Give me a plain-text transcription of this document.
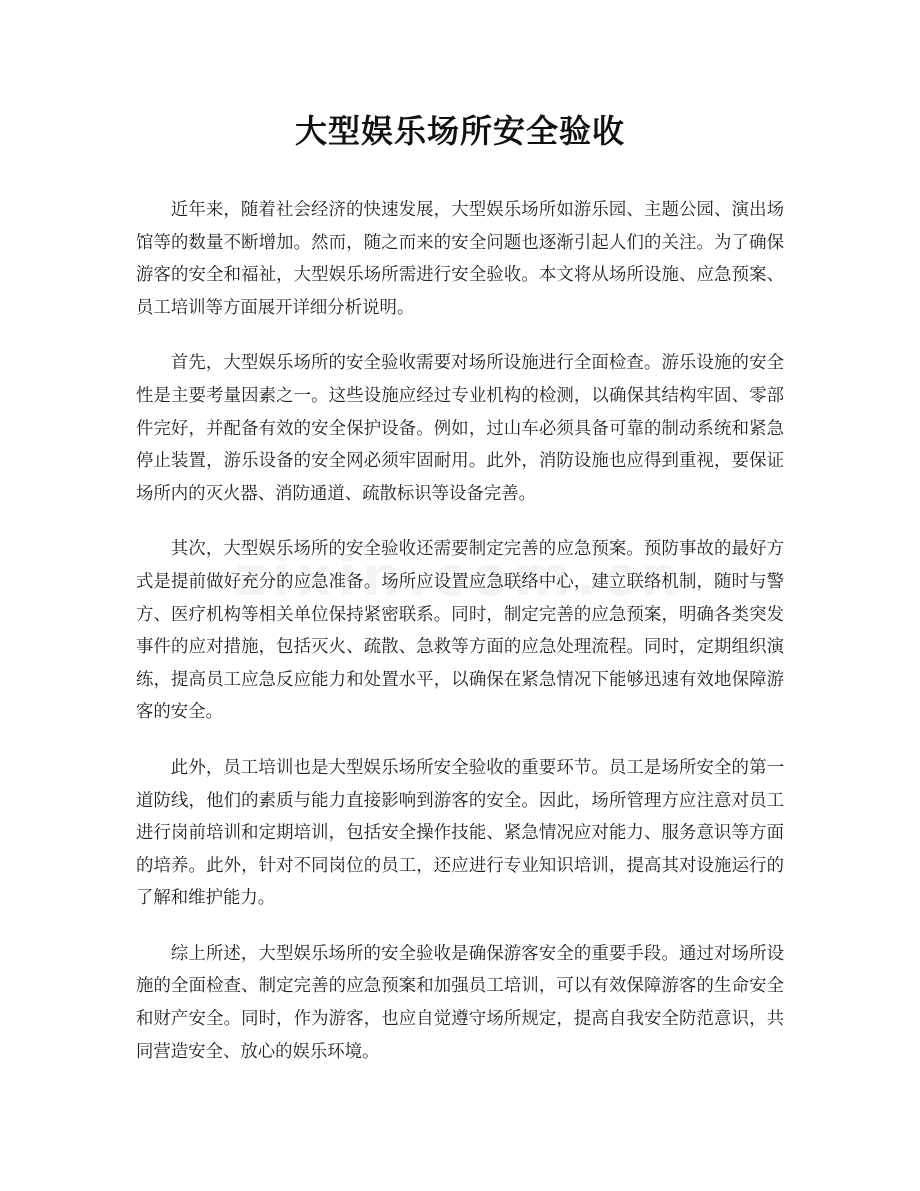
大型娱乐场所安全验收

近年来，随着社会经济的快速发展，大型娱乐场所如游乐园、主题公园、演出场馆等的数量不断增加。然而，随之而来的安全问题也逐渐引起人们的关注。为了确保游客的安全和福祉，大型娱乐场所需进行安全验收。本文将从场所设施、应急预案、员工培训等方面展开详细分析说明。

首先，大型娱乐场所的安全验收需要对场所设施进行全面检查。游乐设施的安全性是主要考量因素之一。这些设施应经过专业机构的检测，以确保其结构牢固、零部件完好，并配备有效的安全保护设备。例如，过山车必须具备可靠的制动系统和紧急停止装置，游乐设备的安全网必须牢固耐用。此外，消防设施也应得到重视，要保证场所内的灭火器、消防通道、疏散标识等设备完善。

其次，大型娱乐场所的安全验收还需要制定完善的应急预案。预防事故的最好方式是提前做好充分的应急准备。场所应设置应急联络中心，建立联络机制，随时与警方、医疗机构等相关单位保持紧密联系。同时，制定完善的应急预案，明确各类突发事件的应对措施，包括灭火、疏散、急救等方面的应急处理流程。同时，定期组织演练，提高员工应急反应能力和处置水平，以确保在紧急情况下能够迅速有效地保障游客的安全。

此外，员工培训也是大型娱乐场所安全验收的重要环节。员工是场所安全的第一道防线，他们的素质与能力直接影响到游客的安全。因此，场所管理方应注意对员工进行岗前培训和定期培训，包括安全操作技能、紧急情况应对能力、服务意识等方面的培养。此外，针对不同岗位的员工，还应进行专业知识培训，提高其对设施运行的了解和维护能力。

综上所述，大型娱乐场所的安全验收是确保游客安全的重要手段。通过对场所设施的全面检查、制定完善的应急预案和加强员工培训，可以有效保障游客的生命安全和财产安全。同时，作为游客，也应自觉遵守场所规定，提高自我安全防范意识，共同营造安全、放心的娱乐环境。
